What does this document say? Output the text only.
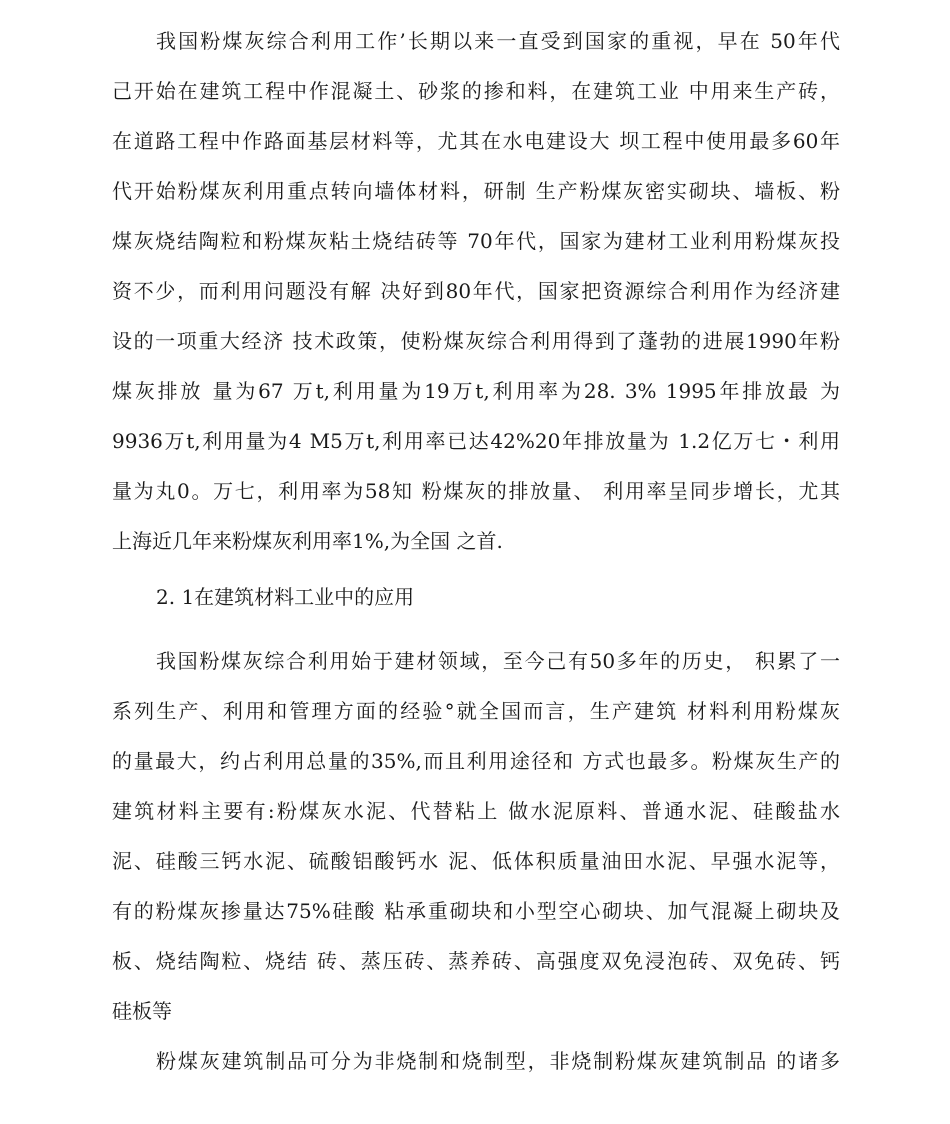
我国粉煤灰综合利用工作’长期以来一直受到国家的重视，早在 50年代
己开始在建筑工程中作混凝土、砂浆的掺和料，在建筑工业 中用来生产砖，
在道路工程中作路面基层材料等，尤其在水电建设大 坝工程中使用最多60年
代开始粉煤灰利用重点转向墙体材料，研制 生产粉煤灰密实砌块、墙板、粉
煤灰烧结陶粒和粉煤灰粘土烧结砖等 70年代，国家为建材工业利用粉煤灰投
资不少，而利用问题没有解 决好到80年代，国家把资源综合利用作为经济建
设的一项重大经济 技术政策，使粉煤灰综合利用得到了蓬勃的进展1990年粉
煤灰排放 量为67 万t,利用量为19万t,利用率为28. 3% 1995年排放最 为
9936万t,利用量为4 M5万t,利用率已达42%20年排放量为 1.2亿万七・利用
量为丸0。万七，利用率为58知 粉煤灰的排放量、 利用率呈同步增长，尤其
上海近几年来粉煤灰利用率1%,为全国 之首.
2. 1在建筑材料工业中的应用
我国粉煤灰综合利用始于建材领域，至今己有50多年的历史， 积累了一
系列生产、利用和管理方面的经验°就全国而言，生产建筑 材料利用粉煤灰
的量最大，约占利用总量的35%,而且利用途径和 方式也最多。粉煤灰生产的
建筑材料主要有:粉煤灰水泥、代替粘上 做水泥原料、普通水泥、硅酸盐水
泥、硅酸三钙水泥、硫酸铝酸钙水 泥、低体积质量油田水泥、早强水泥等，
有的粉煤灰掺量达75%硅酸 粘承重砌块和小型空心砌块、加气混凝上砌块及
板、烧结陶粒、烧结 砖、蒸压砖、蒸养砖、高强度双免浸泡砖、双免砖、钙
硅板等
粉煤灰建筑制品可分为非烧制和烧制型，非烧制粉煤灰建筑制品 的诸多
